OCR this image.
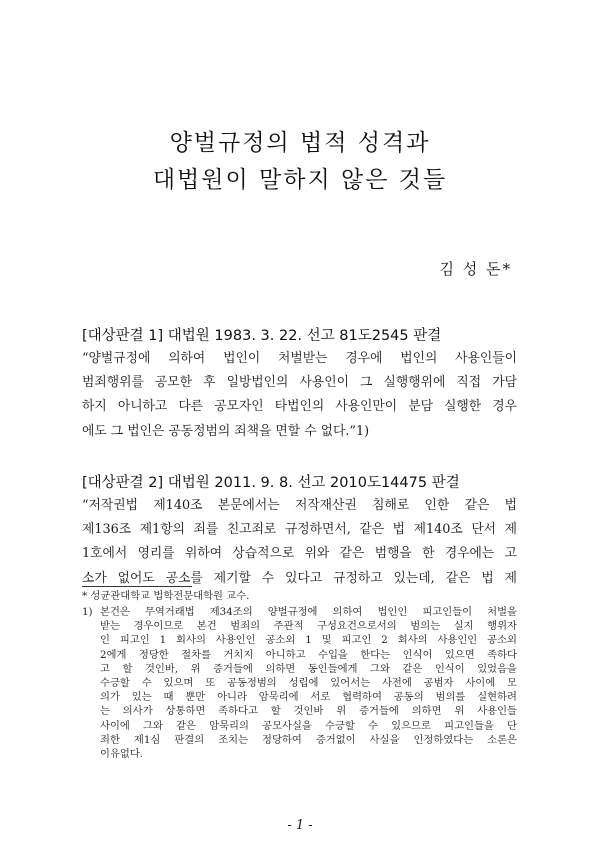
양벌규정의 법적 성격과
대법원이 말하지 않은 것들
김 성 돈*
[대상판결 1] 대법원 1983. 3. 22. 선고 81도2545 판결
“양벌규정에 의하여 법인이 처벌받는 경우에 법인의 사용인들이
범죄행위를 공모한 후 일방법인의 사용인이 그 실행행위에 직접 가담
하지 아니하고 다른 공모자인 타법인의 사용인만이 분담 실행한 경우
에도 그 법인은 공동정범의 죄책을 면할 수 없다.”1)
[대상판결 2] 대법원 2011. 9. 8. 선고 2010도14475 판결
“저작권법 제140조 본문에서는 저작재산권 침해로 인한 같은 법
제136조 제1항의 죄를 친고죄로 규정하면서, 같은 법 제140조 단서 제
1호에서 영리를 위하여 상습적으로 위와 같은 범행을 한 경우에는 고
소가 없어도 공소를 제기할 수 있다고 규정하고 있는데, 같은 법 제
* 성균관대학교 법학전문대학원 교수.
1) 본건은 무역거래법 제34조의 양벌규정에 의하여 법인인 피고인들이 처벌을
받는 경우이므로 본건 범죄의 주관적 구성요건으로서의 범의는 실지 행위자
인 피고인 1 회사의 사용인인 공소외 1 및 피고인 2 회사의 사용인인 공소외
2에게 정당한 절차를 거치지 아니하고 수입을 한다는 인식이 있으면 족하다
고 할 것인바, 위 증거들에 의하면 동인들에게 그와 같은 인식이 있었음을
수긍할 수 있으며 또 공동정범의 성립에 있어서는 사전에 공범자 사이에 모
의가 있는 때 뿐만 아니라 암묵리에 서로 협력하여 공동의 범의를 실현하려
는 의사가 상통하면 족하다고 할 것인바 위 증거들에 의하면 위 사용인들
사이에 그와 같은 암묵리의 공모사실을 수긍할 수 있으므로 피고인들을 단
죄한 제1심 판결의 조치는 정당하여 증거없이 사실을 인정하였다는 소론은
이유없다.
- 1 -
